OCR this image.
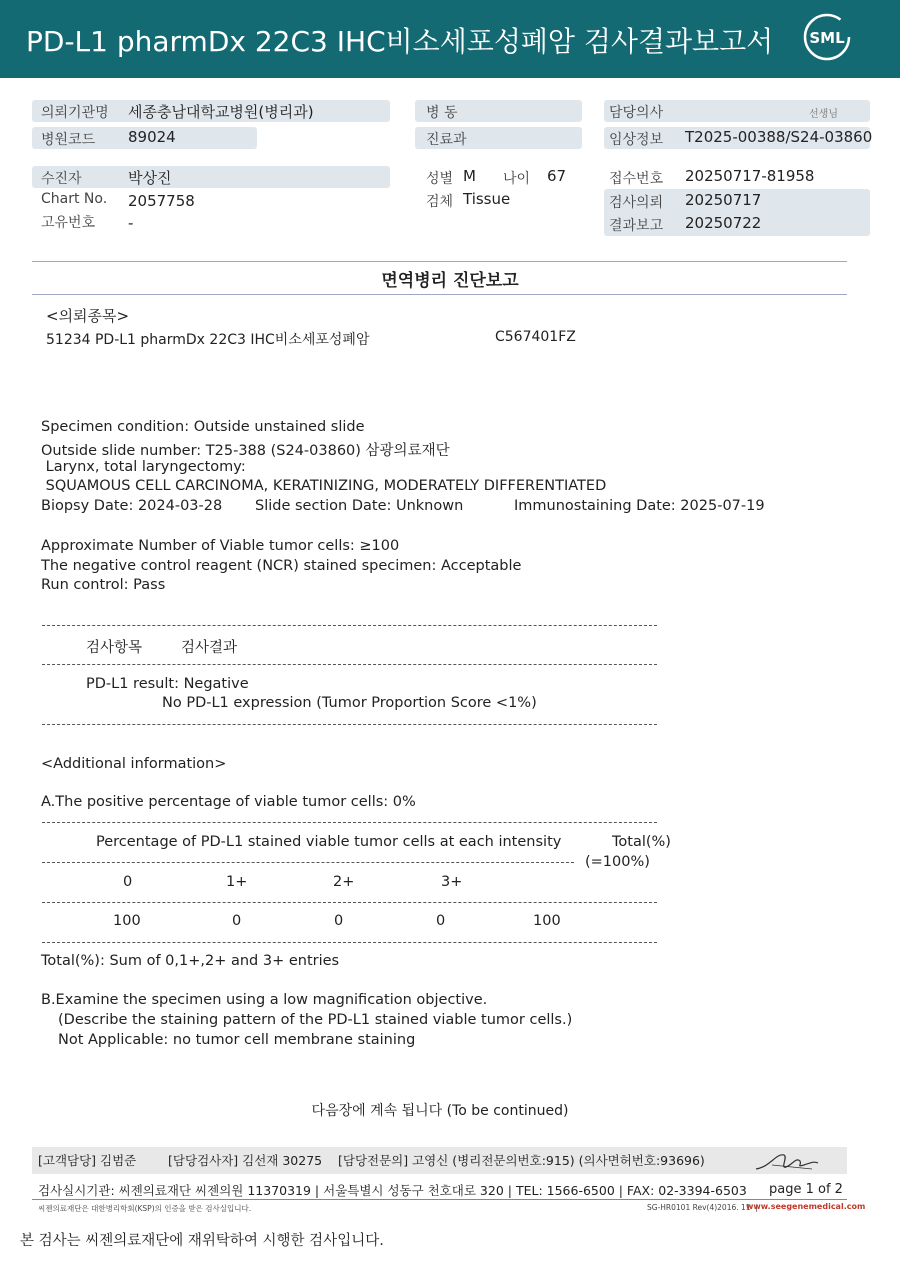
PD-L1 pharmDx 22C3 IHC비소세포성폐암 검사결과보고서 SML
의뢰기관명 세종충남대학교병원(병리과)
병원코드 89024
병 동
진료과
담당의사	선생님
임상정보 T2025-00388/S24-03860
수진자	박상진
Chart No. 2057758
고유번호 -
성별 M 나이 67
검체 Tissue
접수번호 20250717-81958
검사의뢰 20250717
결과보고 20250722
면역병리 진단보고
<의뢰종목>
51234 PD-L1 pharmDx 22C3 IHC비소세포성폐암	C567401FZ
Specimen condition: Outside unstained slide
Outside slide number: T25-388 (S24-03860) 삼광의료재단
Larynx, total laryngectomy:
SQUAMOUS CELL CARCINOMA, KERATINIZING, MODERATELY DIFFERENTIATED
Biopsy Date: 2024-03-28 Slide section Date: Unknown	Immunostaining Date: 2025-07-19
Approximate Number of Viable tumor cells: ≥100
The negative control reagent (NCR) stained specimen: Acceptable
Run control: Pass
검사항목	검사결과
PD-L1 result: Negative
No PD-L1 expression (Tumor Proportion Score <1%)
<Additional information>
A.The positive percentage of viable tumor cells: 0%
Percentage of PD-L1 stained viable tumor cells at each intensity	Total(%)
(=100%)
0	1+	2+	3+
100	0	0	0	100
Total(%): Sum of 0,1+,2+ and 3+ entries
B.Examine the specimen using a low magnification objective.
(Describe the staining pattern of the PD-L1 stained viable tumor cells.)
Not Applicable: no tumor cell membrane staining
다음장에 계속 됩니다 (To be continued)
[고객담당] 김범준        [담당검사자] 김선재 30275    [담당전문의] 고영신 (병리전문의번호:915) (의사면허번호:93696)
검사실시기관: 씨젠의료재단 씨젠의원 11370319 | 서울특별시 성동구 천호대로 320 | TEL: 1566-6500 | FAX: 02-3394-6503 page 1 of 2
씨젠의료재단은 대한병리학회(KSP)의 인증을 받은 검사실입니다.	SG-HR0101 Rev(4)2016. 11  |
www.seegenemedical.com
본 검사는 씨젠의료재단에 재위탁하여 시행한 검사입니다.
